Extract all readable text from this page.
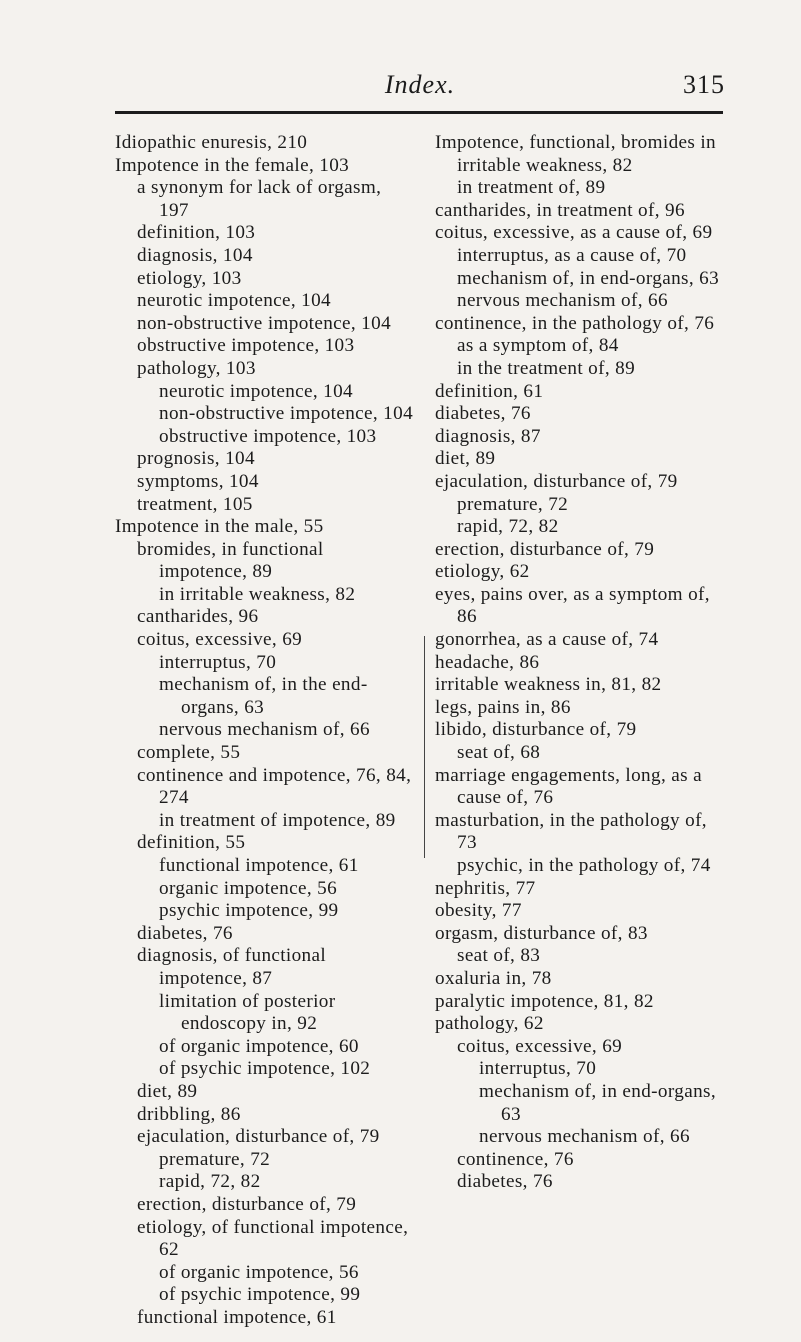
Index.	315

Idiopathic enuresis, 210

Impotence in the female, 103

a synonym for lack of orgasm, 197

definition, 103

diagnosis, 104

etiology, 103

neurotic impotence, 104

non-obstructive impotence, 104

obstructive impotence, 103

pathology, 103

neurotic impotence, 104

non-obstructive impotence, 104

obstructive impotence, 103

prognosis, 104

symptoms, 104

treatment, 105

Impotence in the male, 55

bromides, in functional impotence, 89

in irritable weakness, 82

cantharides, 96

coitus, excessive, 69

interruptus, 70

mechanism of, in the end-organs, 63

nervous mechanism of, 66

complete, 55

continence and impotence, 76, 84, 274

in treatment of impotence, 89

definition, 55

functional impotence, 61

organic impotence, 56

psychic impotence, 99

diabetes, 76

diagnosis, of functional impotence, 87

limitation of posterior endoscopy in, 92

of organic impotence, 60

of psychic impotence, 102

diet, 89

dribbling, 86

ejaculation, disturbance of, 79

premature, 72

rapid, 72, 82

erection, disturbance of, 79

etiology, of functional impotence, 62

of organic impotence, 56

of psychic impotence, 99

functional impotence, 61

Impotence, functional, bromides in irritable weakness, 82

in treatment of, 89

cantharides, in treatment of, 96

coitus, excessive, as a cause of, 69

interruptus, as a cause of, 70

mechanism of, in end-organs, 63

nervous mechanism of, 66

continence, in the pathology of, 76

as a symptom of, 84

in the treatment of, 89

definition, 61

diabetes, 76

diagnosis, 87

diet, 89

ejaculation, disturbance of, 79

premature, 72

rapid, 72, 82

erection, disturbance of, 79

etiology, 62

eyes, pains over, as a symptom of, 86

gonorrhea, as a cause of, 74

headache, 86

irritable weakness in, 81, 82

legs, pains in, 86

libido, disturbance of, 79

seat of, 68

marriage engagements, long, as a cause of, 76

masturbation, in the pathology of, 73

psychic, in the pathology of, 74

nephritis, 77

obesity, 77

orgasm, disturbance of, 83

seat of, 83

oxaluria in, 78

paralytic impotence, 81, 82

pathology, 62

coitus, excessive, 69

interruptus, 70

mechanism of, in end-organs, 63

nervous mechanism of, 66

continence, 76

diabetes, 76
